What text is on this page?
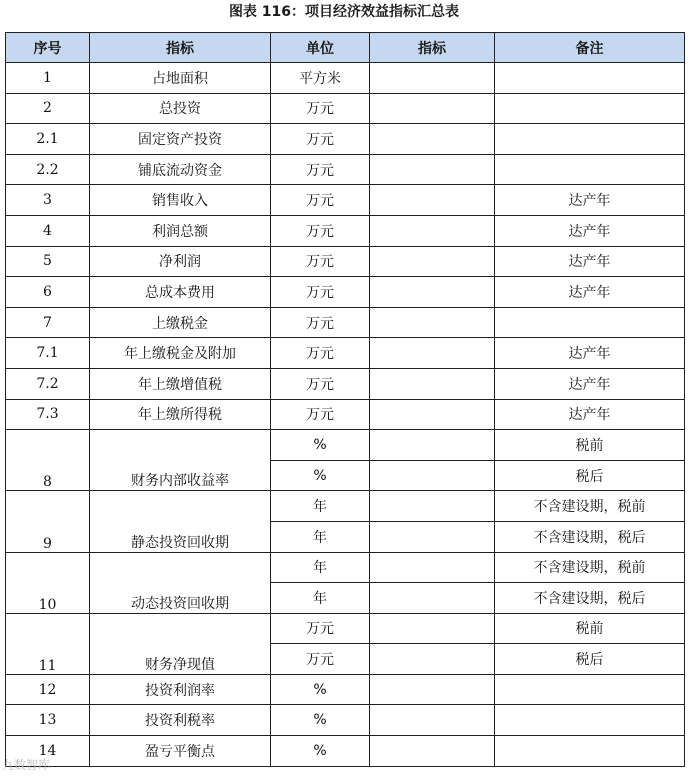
图表 116：项目经济效益指标汇总表
序号	指标	单位	指标	备注
1	占地面积	平方米		
2	总投资	万元		
2.1	固定资产投资	万元		
2.2	铺底流动资金	万元		
3	销售收入	万元		达产年
4	利润总额	万元		达产年
5	净利润	万元		达产年
6	总成本费用	万元		达产年
7	上缴税金	万元		
7.1	年上缴税金及附加	万元		达产年
7.2	年上缴增值税	万元		达产年
7.3	年上缴所得税	万元		达产年
8	财务内部收益率	%		税前
		%		税后
9	静态投资回收期	年		不含建设期，税前
		年		不含建设期，税后
10	动态投资回收期	年		不含建设期，税前
		年		不含建设期，税后
11	财务净现值	万元		税前
		万元		税后
12	投资利润率	%		
13	投资利税率	%		
14	盈亏平衡点	%		
九数智库
